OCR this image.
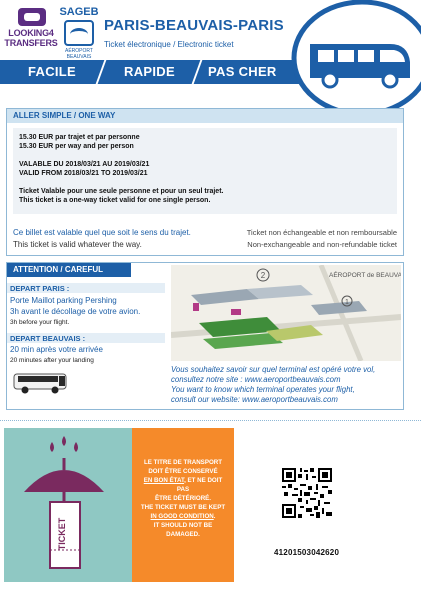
LOOKING4
TRANSFERS
SAGEB
AÉROPORT BEAUVAIS
PARIS-BEAUVAIS-PARIS
Ticket électronique / Electronic ticket
FACILE	RAPIDE	PAS CHER
ALLER SIMPLE / ONE WAY
15.30 EUR par trajet et par personne
15.30 EUR per way and per person
VALABLE DU 2018/03/21 AU 2019/03/21
VALID FROM 2018/03/21 TO 2019/03/21
Ticket Valable pour une seule personne et pour un seul trajet.
This ticket is a one-way ticket valid for one single person.
Ce billet est valable quel que soit le sens du trajet.
This ticket is valid whatever the way.
Ticket non échangeable et non remboursable
Non-exchangeable and non-refundable ticket
ATTENTION / CAREFUL
DEPART PARIS :
Porte Maillot parking Pershing
3h avant le décollage de votre avion.
3h before your flight.
DEPART BEAUVAIS :
20 min après votre arrivée
20 minutes after your landing
2
1
AÉROPORT de BEAUVAIS
Vous souhaitez savoir sur quel terminal est opéré votre vol,
consultez notre site : www.aeroportbeauvais.com
You want to know which terminal operates your flight,
consult our website: www.aeroportbeauvais.com
TICKET
LE TITRE DE TRANSPORT
DOIT ÊTRE CONSERVÉ
EN BON ÉTAT, ET NE DOIT PAS
ÊTRE DÉTÉRIORÉ.
THE TICKET MUST BE KEPT
IN GOOD CONDITION.
IT SHOULD NOT BE DAMAGED.
41201503042620
